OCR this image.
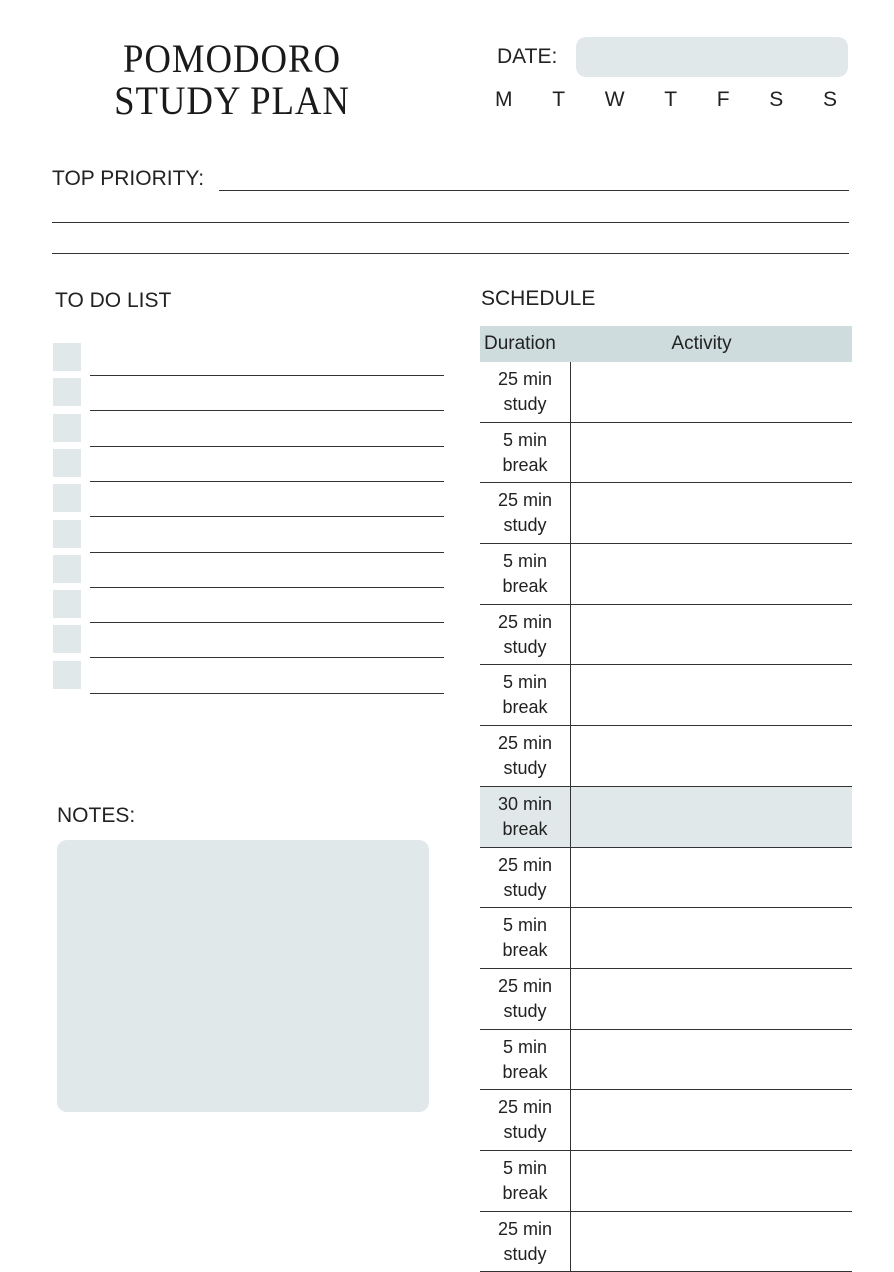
POMODORO
STUDY PLAN
DATE:
M T W T F S S
TOP PRIORITY:
TO DO LIST
NOTES:
SCHEDULE
Duration	Activity
25 min
study
5 min
break
25 min
study
5 min
break
25 min
study
5 min
break
25 min
study
30 min
break
25 min
study
5 min
break
25 min
study
5 min
break
25 min
study
5 min
break
25 min
study
